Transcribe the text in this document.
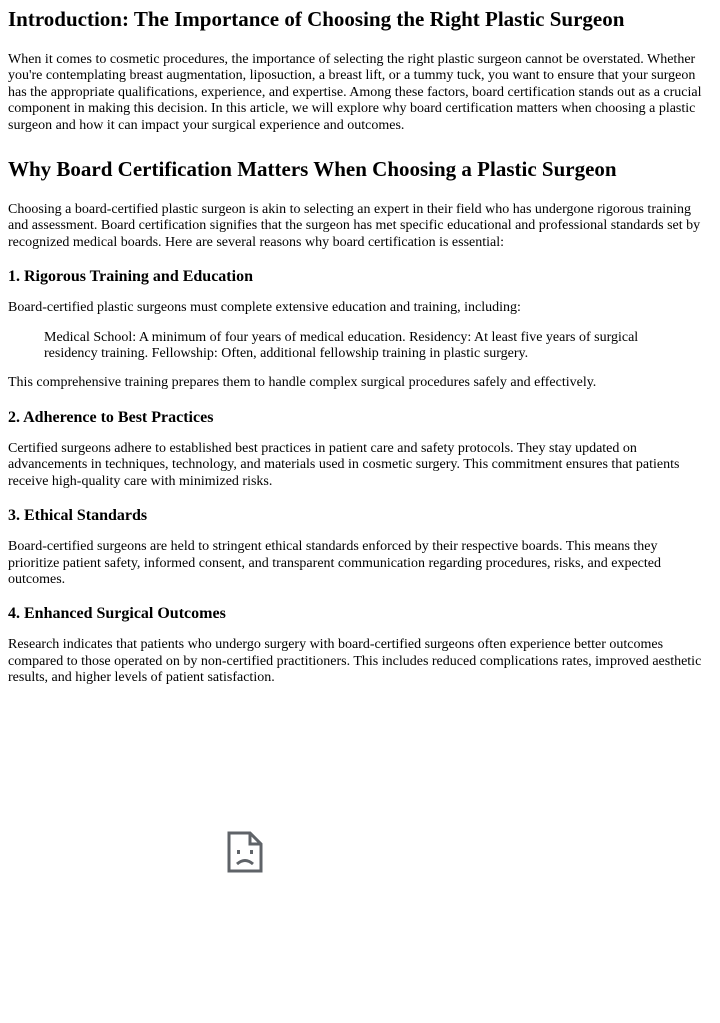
Introduction: The Importance of Choosing the Right Plastic Surgeon

When it comes to cosmetic procedures, the importance of selecting the right plastic surgeon cannot be overstated. Whether you're contemplating breast augmentation, liposuction, a breast lift, or a tummy tuck, you want to ensure that your surgeon has the appropriate qualifications, experience, and expertise. Among these factors, board certification stands out as a crucial component in making this decision. In this article, we will explore why board certification matters when choosing a plastic surgeon and how it can impact your surgical experience and outcomes.

Why Board Certification Matters When Choosing a Plastic Surgeon

Choosing a board-certified plastic surgeon is akin to selecting an expert in their field who has undergone rigorous training and assessment. Board certification signifies that the surgeon has met specific educational and professional standards set by recognized medical boards. Here are several reasons why board certification is essential:

1. Rigorous Training and Education

Board-certified plastic surgeons must complete extensive education and training, including:

Medical School: A minimum of four years of medical education. Residency: At least five years of surgical residency training. Fellowship: Often, additional fellowship training in plastic surgery.

This comprehensive training prepares them to handle complex surgical procedures safely and effectively.

2. Adherence to Best Practices

Certified surgeons adhere to established best practices in patient care and safety protocols. They stay updated on advancements in techniques, technology, and materials used in cosmetic surgery. This commitment ensures that patients receive high-quality care with minimized risks.

3. Ethical Standards

Board-certified surgeons are held to stringent ethical standards enforced by their respective boards. This means they prioritize patient safety, informed consent, and transparent communication regarding procedures, risks, and expected outcomes.

4. Enhanced Surgical Outcomes

Research indicates that patients who undergo surgery with board-certified surgeons often experience better outcomes compared to those operated on by non-certified practitioners. This includes reduced complications rates, improved aesthetic results, and higher levels of patient satisfaction.
